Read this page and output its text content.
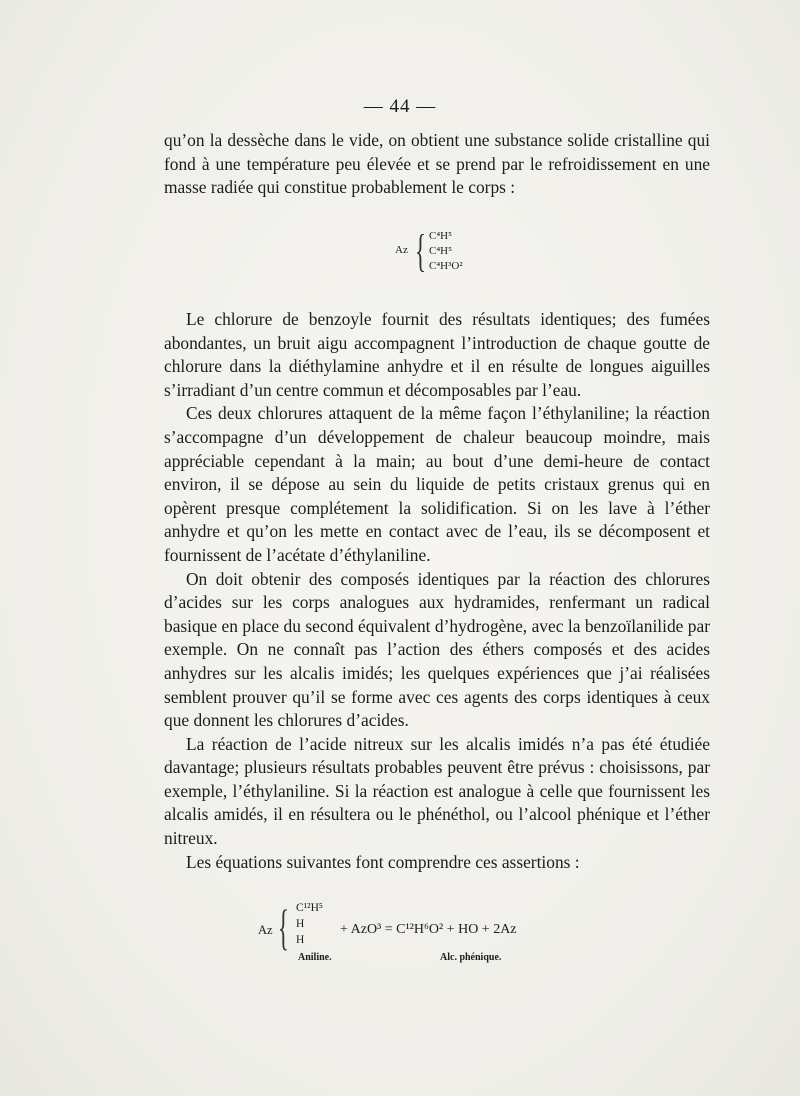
— 44 —

qu’on la dessèche dans le vide, on obtient une substance solide cristalline qui fond à une température peu élevée et se prend par le refroidissement en une masse radiée qui constitue probablement le corps :

Az { C⁴H⁵
C⁴H⁵
C⁴H³O²

Le chlorure de benzoyle fournit des résultats identiques; des fumées abondantes, un bruit aigu accompagnent l’introduction de chaque goutte de chlorure dans la diéthylamine anhydre et il en résulte de longues aiguilles s’irradiant d’un centre commun et décomposables par l’eau.

Ces deux chlorures attaquent de la même façon l’éthylaniline; la réaction s’accompagne d’un développement de chaleur beaucoup moindre, mais appréciable cependant à la main; au bout d’une demi-heure de contact environ, il se dépose au sein du liquide de petits cristaux grenus qui en opèrent presque complétement la solidification. Si on les lave à l’éther anhydre et qu’on les mette en contact avec de l’eau, ils se décomposent et fournissent de l’acétate d’éthylaniline.

On doit obtenir des composés identiques par la réaction des chlorures d’acides sur les corps analogues aux hydramides, renfermant un radical basique en place du second équivalent d’hydrogène, avec la benzoïlanilide par exemple. On ne connaît pas l’action des éthers composés et des acides anhydres sur les alcalis imidés; les quelques expériences que j’ai réalisées semblent prouver qu’il se forme avec ces agents des corps identiques à ceux que donnent les chlorures d’acides.

La réaction de l’acide nitreux sur les alcalis imidés n’a pas été étudiée davantage; plusieurs résultats probables peuvent être prévus : choisissons, par exemple, l’éthylaniline. Si la réaction est analogue à celle que fournissent les alcalis amidés, il en résultera ou le phénéthol, ou l’alcool phénique et l’éther nitreux.

Les équations suivantes font comprendre ces assertions :

Az { C¹²H⁵
H
H
+ AzO³ = C¹²H⁶O² + HO + 2Az
Aniline.	Alc. phénique.
